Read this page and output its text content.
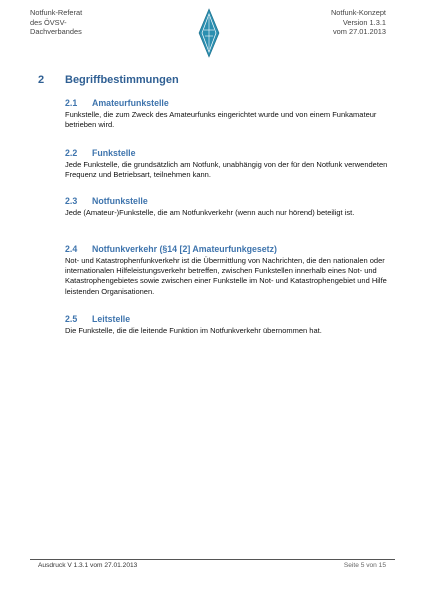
Notfunk-Referat
des ÖVSV-
Dachverbandes
Notfunk-Konzept
Version 1.3.1
vom 27.01.2013
2 Begriffbestimmungen
2.1 Amateurfunkstelle

Funkstelle, die zum Zweck des Amateurfunks eingerichtet wurde und von einem Funkamateur betrieben wird.

2.2 Funkstelle

Jede Funkstelle, die grundsätzlich am Notfunk, unabhängig von der für den Notfunk verwendeten Frequenz und Betriebsart, teilnehmen kann.

2.3 Notfunkstelle

Jede (Amateur-)Funkstelle, die am Notfunkverkehr (wenn auch nur hörend) beteiligt ist.

2.4 Notfunkverkehr (§14 [2] Amateurfunkgesetz)

Not- und Katastrophenfunkverkehr ist die Übermittlung von Nachrichten, die den nationalen oder internationalen Hilfeleistungsverkehr betreffen, zwischen Funkstellen innerhalb eines Not- und Katastrophengebietes sowie zwischen einer Funkstelle im Not- und Katastrophengebiet und Hilfe leistenden Organisationen.

2.5 Leitstelle

Die Funkstelle, die die leitende Funktion im Notfunkverkehr übernommen hat.

Ausdruck V 1.3.1 vom 27.01.2013	Seite 5 von 15
